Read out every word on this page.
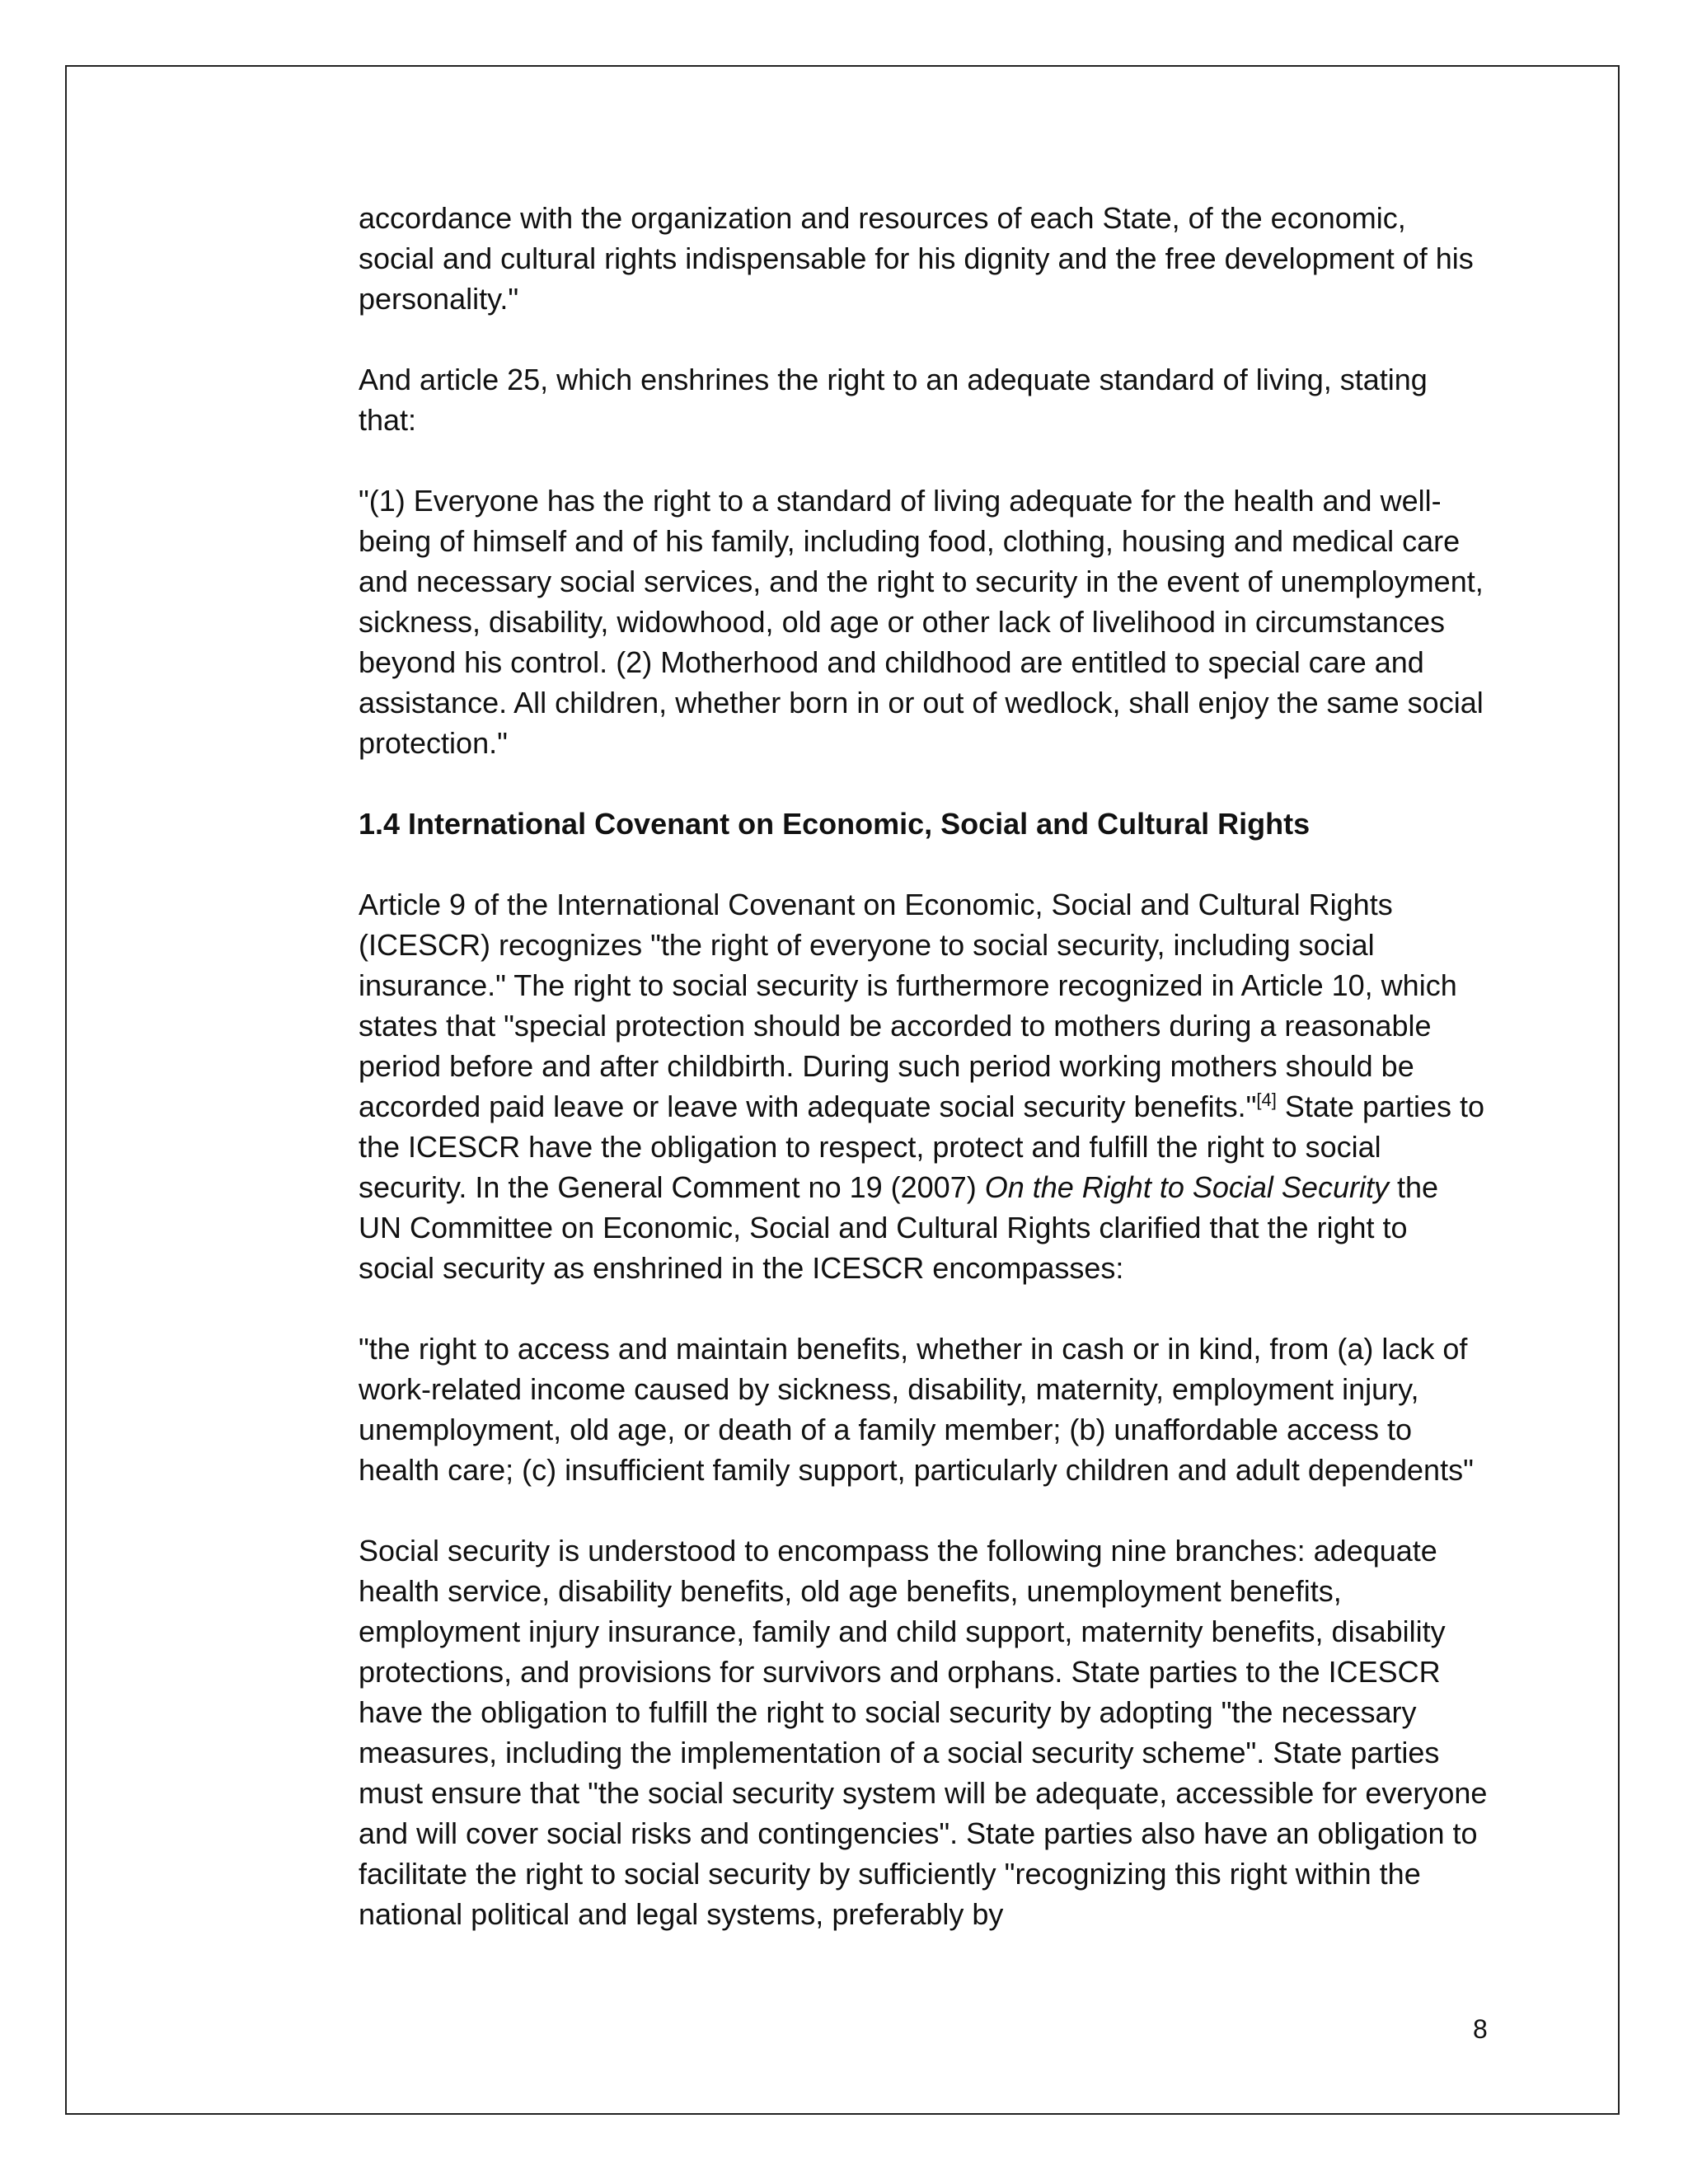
accordance with the organization and resources of each State, of the economic, social and cultural rights indispensable for his dignity and the free development of his personality."

And article 25, which enshrines the right to an adequate standard of living, stating that:

"(1) Everyone has the right to a standard of living adequate for the health and well-being of himself and of his family, including food, clothing, housing and medical care and necessary social services, and the right to security in the event of unemployment, sickness, disability, widowhood, old age or other lack of livelihood in circumstances beyond his control. (2) Motherhood and childhood are entitled to special care and assistance. All children, whether born in or out of wedlock, shall enjoy the same social protection."

1.4 International Covenant on Economic, Social and Cultural Rights

Article 9 of the International Covenant on Economic, Social and Cultural Rights (ICESCR) recognizes "the right of everyone to social security, including social insurance." The right to social security is furthermore recognized in Article 10, which states that "special protection should be accorded to mothers during a reasonable period before and after childbirth. During such period working mothers should be accorded paid leave or leave with adequate social security benefits."[4] State parties to the ICESCR have the obligation to respect, protect and fulfill the right to social security. In the General Comment no 19 (2007) On the Right to Social Security the UN Committee on Economic, Social and Cultural Rights clarified that the right to social security as enshrined in the ICESCR encompasses:

"the right to access and maintain benefits, whether in cash or in kind, from (a) lack of work-related income caused by sickness, disability, maternity, employment injury, unemployment, old age, or death of a family member; (b) unaffordable access to health care; (c) insufficient family support, particularly children and adult dependents"

Social security is understood to encompass the following nine branches: adequate health service, disability benefits, old age benefits, unemployment benefits, employment injury insurance, family and child support, maternity benefits, disability protections, and provisions for survivors and orphans. State parties to the ICESCR have the obligation to fulfill the right to social security by adopting "the necessary measures, including the implementation of a social security scheme". State parties must ensure that "the social security system will be adequate, accessible for everyone and will cover social risks and contingencies". State parties also have an obligation to facilitate the right to social security by sufficiently "recognizing this right within the national political and legal systems, preferably by

8
